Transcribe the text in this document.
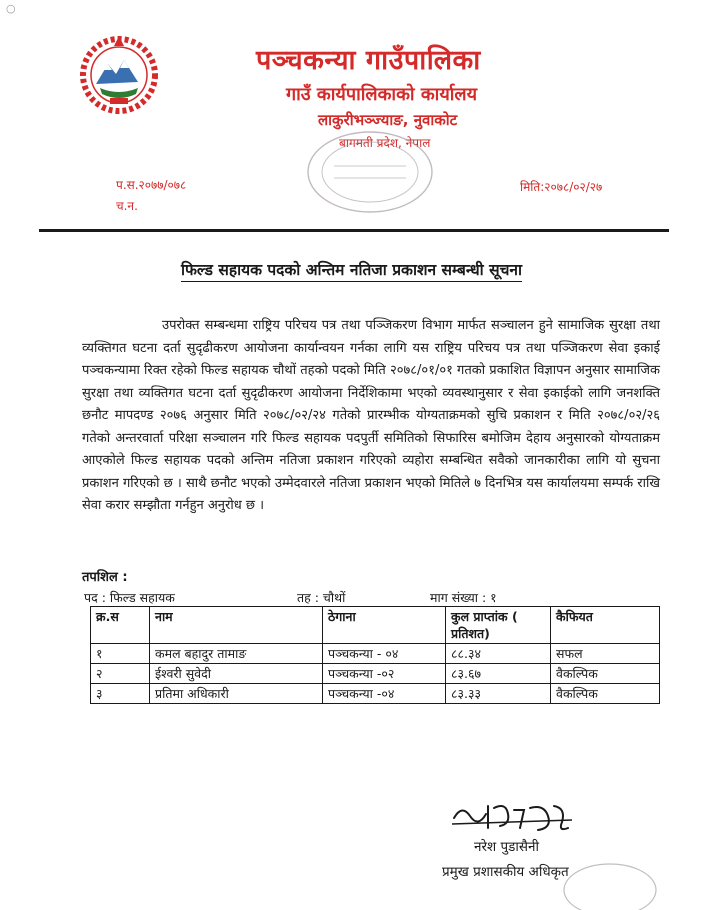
○
पञ्चकन्या गाउँपालिका
गाउँ कार्यपालिकाको कार्यालय
लाकुरीभञ्ज्याङ, नुवाकोट
बागमती प्रदेश, नेपाल
प.स.२०७७/०७८
च.न.
मिति:२०७८/०२/२७
फिल्ड सहायक पदको अन्तिम नतिजा प्रकाशन सम्बन्धी सूचना
उपरोक्त सम्बन्धमा राष्ट्रिय परिचय पत्र तथा पञ्जिकरण विभाग मार्फत सञ्चालन हुने सामाजिक सुरक्षा तथा व्यक्तिगत घटना दर्ता सुदृढीकरण आयोजना कार्यान्वयन गर्नका लागि यस राष्ट्रिय परिचय पत्र तथा पञ्जिकरण सेवा इकाई पञ्चकन्यामा रिक्त रहेको फिल्ड सहायक चौथों तहको पदको मिति २०७८/०१/०१ गतको प्रकाशित विज्ञापन अनुसार सामाजिक सुरक्षा तथा व्यक्तिगत घटना दर्ता सुदृढीकरण आयोजना निर्देशिकामा भएको व्यवस्थानुसार र सेवा इकाईको लागि जनशक्ति छनौट मापदण्ड २०७६ अनुसार मिति २०७८/०२/२४ गतेको प्रारम्भीक योग्यताक्रमको सुचि प्रकाशन र मिति २०७८/०२/२६ गतेको अन्तरवार्ता परिक्षा सञ्चालन गरि फिल्ड सहायक पदपुर्ती समितिको सिफारिस बमोजिम देहाय अनुसारको योग्यताक्रम आएकोले फिल्ड सहायक पदको अन्तिम नतिजा प्रकाशन गरिएको व्यहोरा सम्बन्धित सवैको जानकारीका लागि यो सुचना प्रकाशन गरिएको छ । साथै छनौट भएको उम्मेदवारले नतिजा प्रकाशन भएको मितिले ७ दिनभित्र यस कार्यालयमा सम्पर्क राखि सेवा करार सम्झौता गर्नहुन अनुरोध छ ।
तपशिल :
पद : फिल्ड सहायक	तह : चौथों	माग संख्या : १
क्र.स	नाम	ठेगाना	कुल प्राप्तांक ( प्रतिशत)	कैफियत
१	कमल बहादुर तामाङ	पञ्चकन्या - ०४	८८.३४	सफल
२	ईश्वरी सुवेदी	पञ्चकन्या -०२	८३.६७	वैकल्पिक
३	प्रतिमा अधिकारी	पञ्चकन्या -०४	८३.३३	वैकल्पिक
नरेश पुडासैनी
प्रमुख प्रशासकीय अधिकृत
